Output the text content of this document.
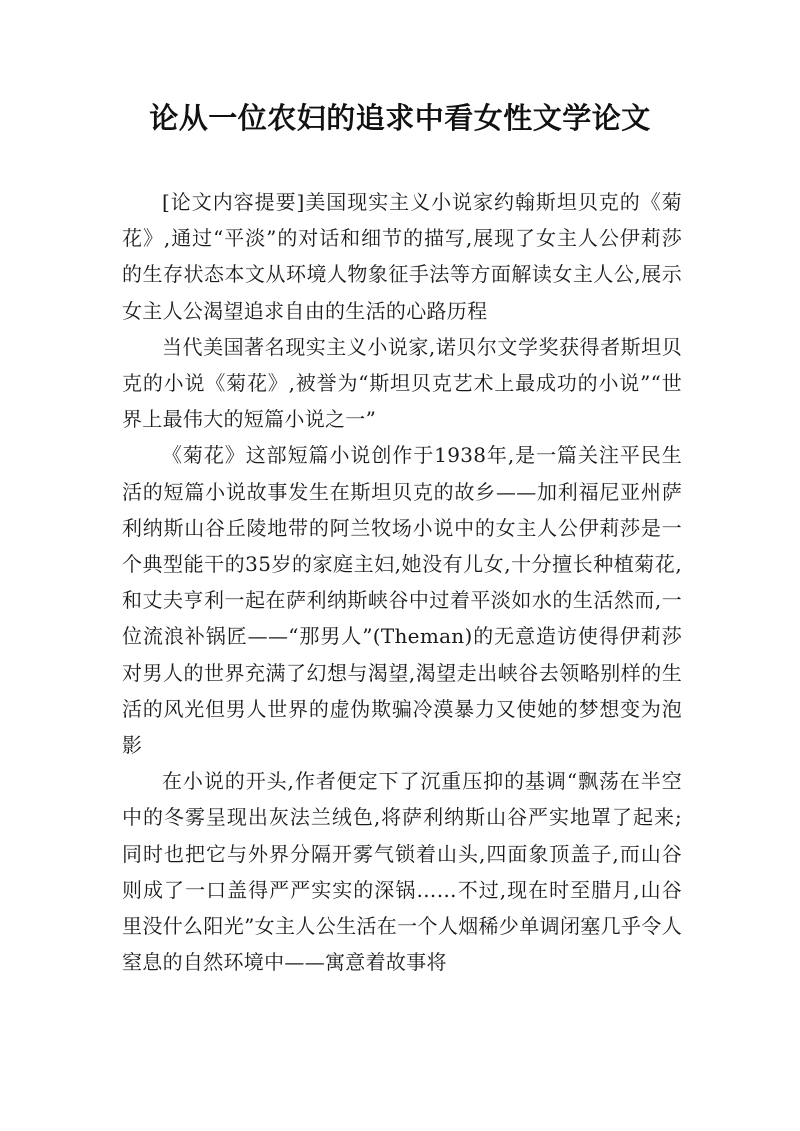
论从一位农妇的追求中看女性文学论文

[论文内容提要]美国现实主义小说家约翰斯坦贝克的《菊花》,通过“平淡”的对话和细节的描写,展现了女主人公伊莉莎的生存状态本文从环境人物象征手法等方面解读女主人公,展示女主人公渴望追求自由的生活的心路历程

当代美国著名现实主义小说家,诺贝尔文学奖获得者斯坦贝克的小说《菊花》,被誉为“斯坦贝克艺术上最成功的小说”“世界上最伟大的短篇小说之一”

《菊花》这部短篇小说创作于1938年,是一篇关注平民生活的短篇小说故事发生在斯坦贝克的故乡——加利福尼亚州萨利纳斯山谷丘陵地带的阿兰牧场小说中的女主人公伊莉莎是一个典型能干的35岁的家庭主妇,她没有儿女,十分擅长种植菊花,和丈夫亨利一起在萨利纳斯峡谷中过着平淡如水的生活然而,一位流浪补锅匠——“那男人”(Theman)的无意造访使得伊莉莎对男人的世界充满了幻想与渴望,渴望走出峡谷去领略别样的生活的风光但男人世界的虚伪欺骗冷漠暴力又使她的梦想变为泡影

在小说的开头,作者便定下了沉重压抑的基调“飘荡在半空中的冬雾呈现出灰法兰绒色,将萨利纳斯山谷严实地罩了起来;同时也把它与外界分隔开雾气锁着山头,四面象顶盖子,而山谷则成了一口盖得严严实实的深锅……不过,现在时至腊月,山谷里没什么阳光”女主人公生活在一个人烟稀少单调闭塞几乎令人窒息的自然环境中——寓意着故事将
